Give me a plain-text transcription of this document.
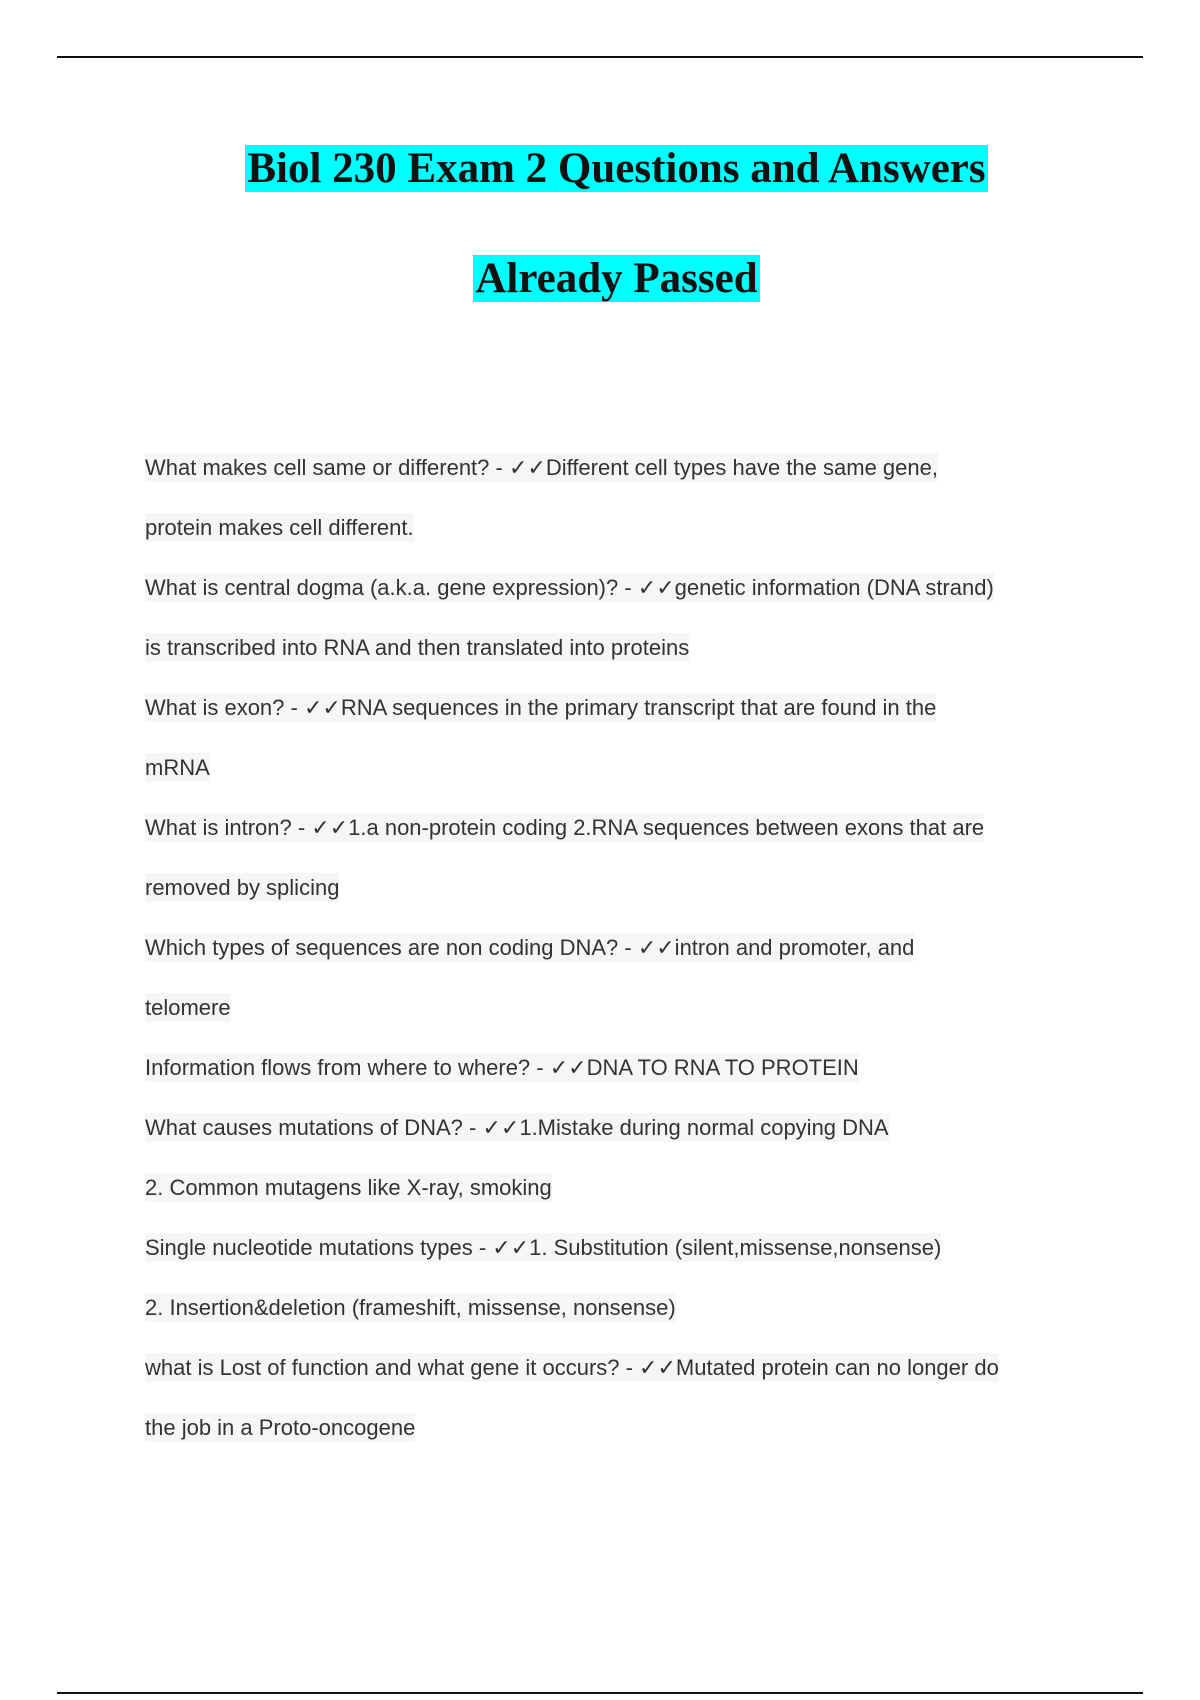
Biol 230 Exam 2 Questions and Answers
Already Passed
What makes cell same or different? - ✓✓Different cell types have the same gene,
protein makes cell different.
What is central dogma (a.k.a. gene expression)? - ✓✓genetic information (DNA strand)
is transcribed into RNA and then translated into proteins
What is exon? - ✓✓RNA sequences in the primary transcript that are found in the
mRNA
What is intron? - ✓✓1.a non-protein coding 2.RNA sequences between exons that are
removed by splicing
Which types of sequences are non coding DNA? - ✓✓intron and promoter, and
telomere
Information flows from where to where? - ✓✓DNA TO RNA TO PROTEIN
What causes mutations of DNA? - ✓✓1.Mistake during normal copying DNA
2. Common mutagens like X-ray, smoking
Single nucleotide mutations types - ✓✓1. Substitution (silent,missense,nonsense)
2. Insertion&deletion (frameshift, missense, nonsense)
what is Lost of function and what gene it occurs? - ✓✓Mutated protein can no longer do
the job in a Proto-oncogene
